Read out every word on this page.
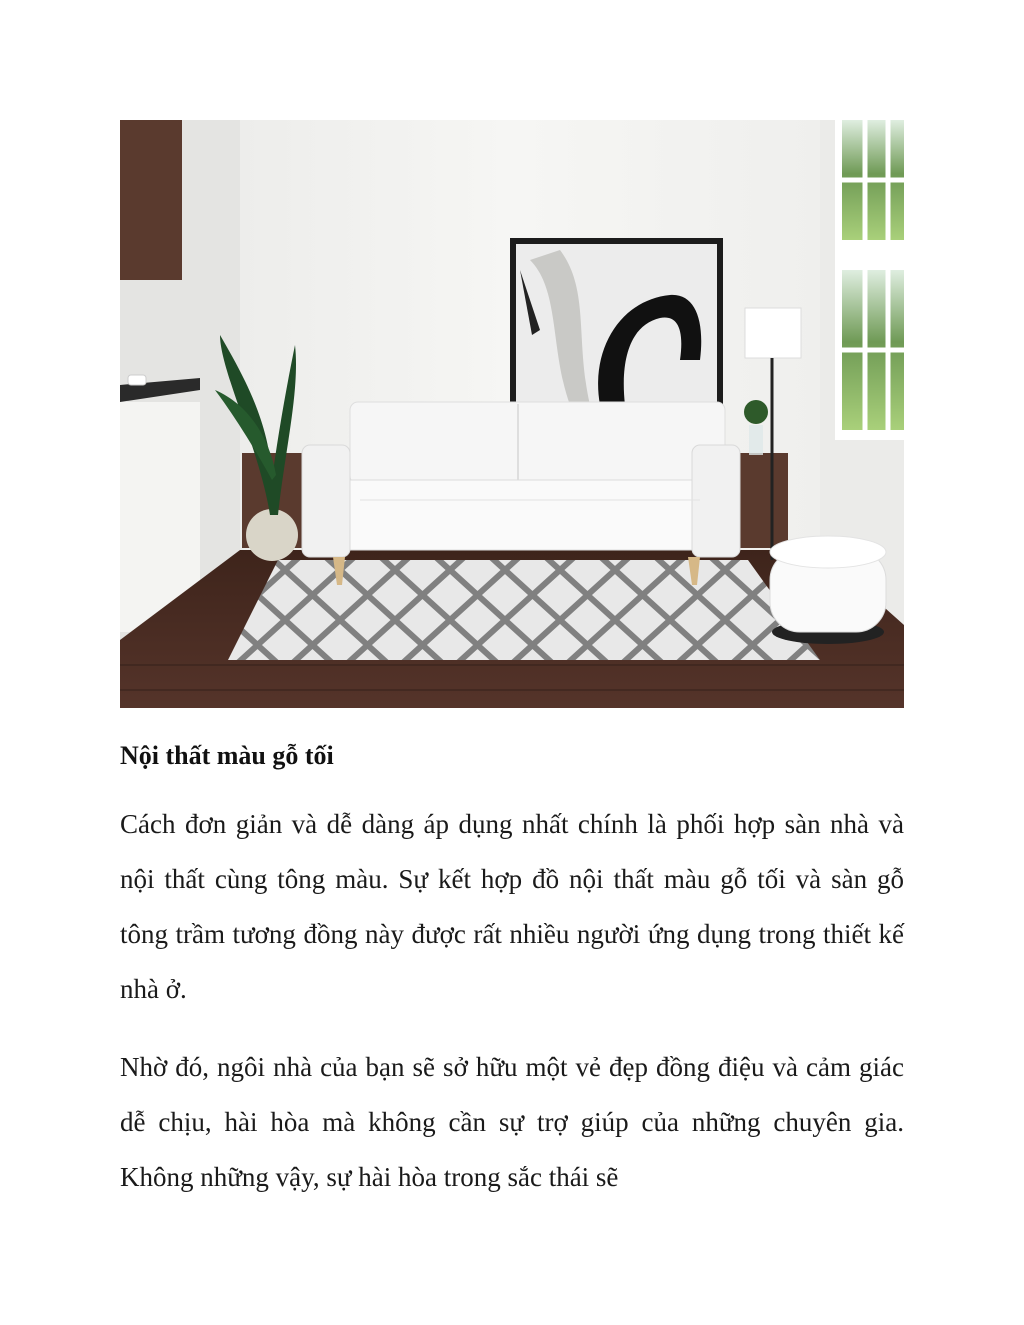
Nội thất màu gỗ tối

Cách đơn giản và dễ dàng áp dụng nhất chính là phối hợp sàn nhà và nội thất cùng tông màu. Sự kết hợp đồ nội thất màu gỗ tối và sàn gỗ tông trầm tương đồng này được rất nhiều người ứng dụng trong thiết kế nhà ở.

Nhờ đó, ngôi nhà của bạn sẽ sở hữu một vẻ đẹp đồng điệu và cảm giác dễ chịu, hài hòa mà không cần sự trợ giúp của những chuyên gia. Không những vậy, sự hài hòa trong sắc thái sẽ
